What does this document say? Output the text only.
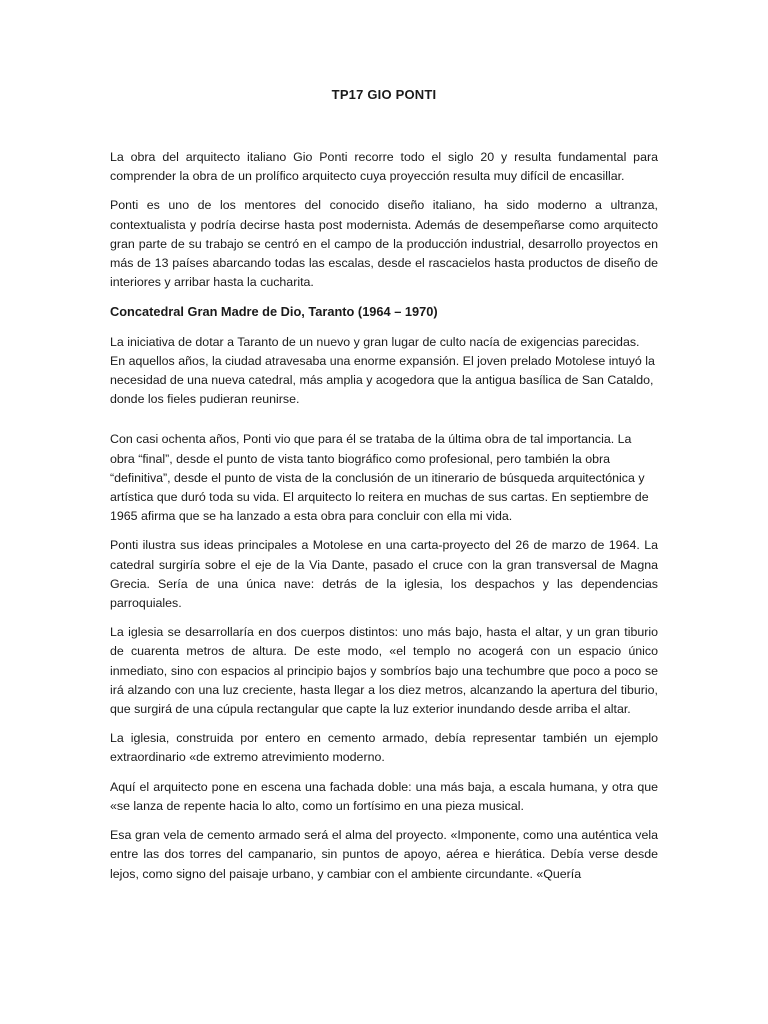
TP17 GIO PONTI

La obra del arquitecto italiano Gio Ponti recorre todo el siglo 20 y resulta fundamental para comprender la obra de un prolífico arquitecto cuya proyección resulta muy difícil de encasillar.

Ponti es uno de los mentores del conocido diseño italiano, ha sido moderno a ultranza, contextualista y podría decirse hasta post modernista. Además de desempeñarse como arquitecto gran parte de su trabajo se centró en el campo de la producción industrial, desarrollo proyectos en más de 13 países abarcando todas las escalas, desde el rascacielos hasta productos de diseño de interiores y arribar hasta la cucharita.

Concatedral Gran Madre de Dio, Taranto (1964 – 1970)

La iniciativa de dotar a Taranto de un nuevo y gran lugar de culto nacía de exigencias parecidas. En aquellos años, la ciudad atravesaba una enorme expansión. El joven prelado Motolese intuyó la necesidad de una nueva catedral, más amplia y acogedora que la antigua basílica de San Cataldo, donde los fieles pudieran reunirse.

Con casi ochenta años, Ponti vio que para él se trataba de la última obra de tal importancia. La obra “final”, desde el punto de vista tanto biográfico como profesional, pero también la obra “definitiva”, desde el punto de vista de la conclusión de un itinerario de búsqueda arquitectónica y artística que duró toda su vida. El arquitecto lo reitera en muchas de sus cartas. En septiembre de 1965 afirma que se ha lanzado a esta obra para concluir con ella mi vida.

Ponti ilustra sus ideas principales a Motolese en una carta-proyecto del 26 de marzo de 1964. La catedral surgiría sobre el eje de la Via Dante, pasado el cruce con la gran transversal de Magna Grecia. Sería de una única nave: detrás de la iglesia, los despachos y las dependencias parroquiales.

La iglesia se desarrollaría en dos cuerpos distintos: uno más bajo, hasta el altar, y un gran tiburio de cuarenta metros de altura. De este modo, «el templo no acogerá con un espacio único inmediato, sino con espacios al principio bajos y sombríos bajo una techumbre que poco a poco se irá alzando con una luz creciente, hasta llegar a los diez metros, alcanzando la apertura del tiburio, que surgirá de una cúpula rectangular que capte la luz exterior inundando desde arriba el altar.

La iglesia, construida por entero en cemento armado, debía representar también un ejemplo extraordinario «de extremo atrevimiento moderno.

Aquí el arquitecto pone en escena una fachada doble: una más baja, a escala humana, y otra que «se lanza de repente hacia lo alto, como un fortísimo en una pieza musical.

Esa gran vela de cemento armado será el alma del proyecto. «Imponente, como una auténtica vela entre las dos torres del campanario, sin puntos de apoyo, aérea e hierática. Debía verse desde lejos, como signo del paisaje urbano, y cambiar con el ambiente circundante. «Quería
